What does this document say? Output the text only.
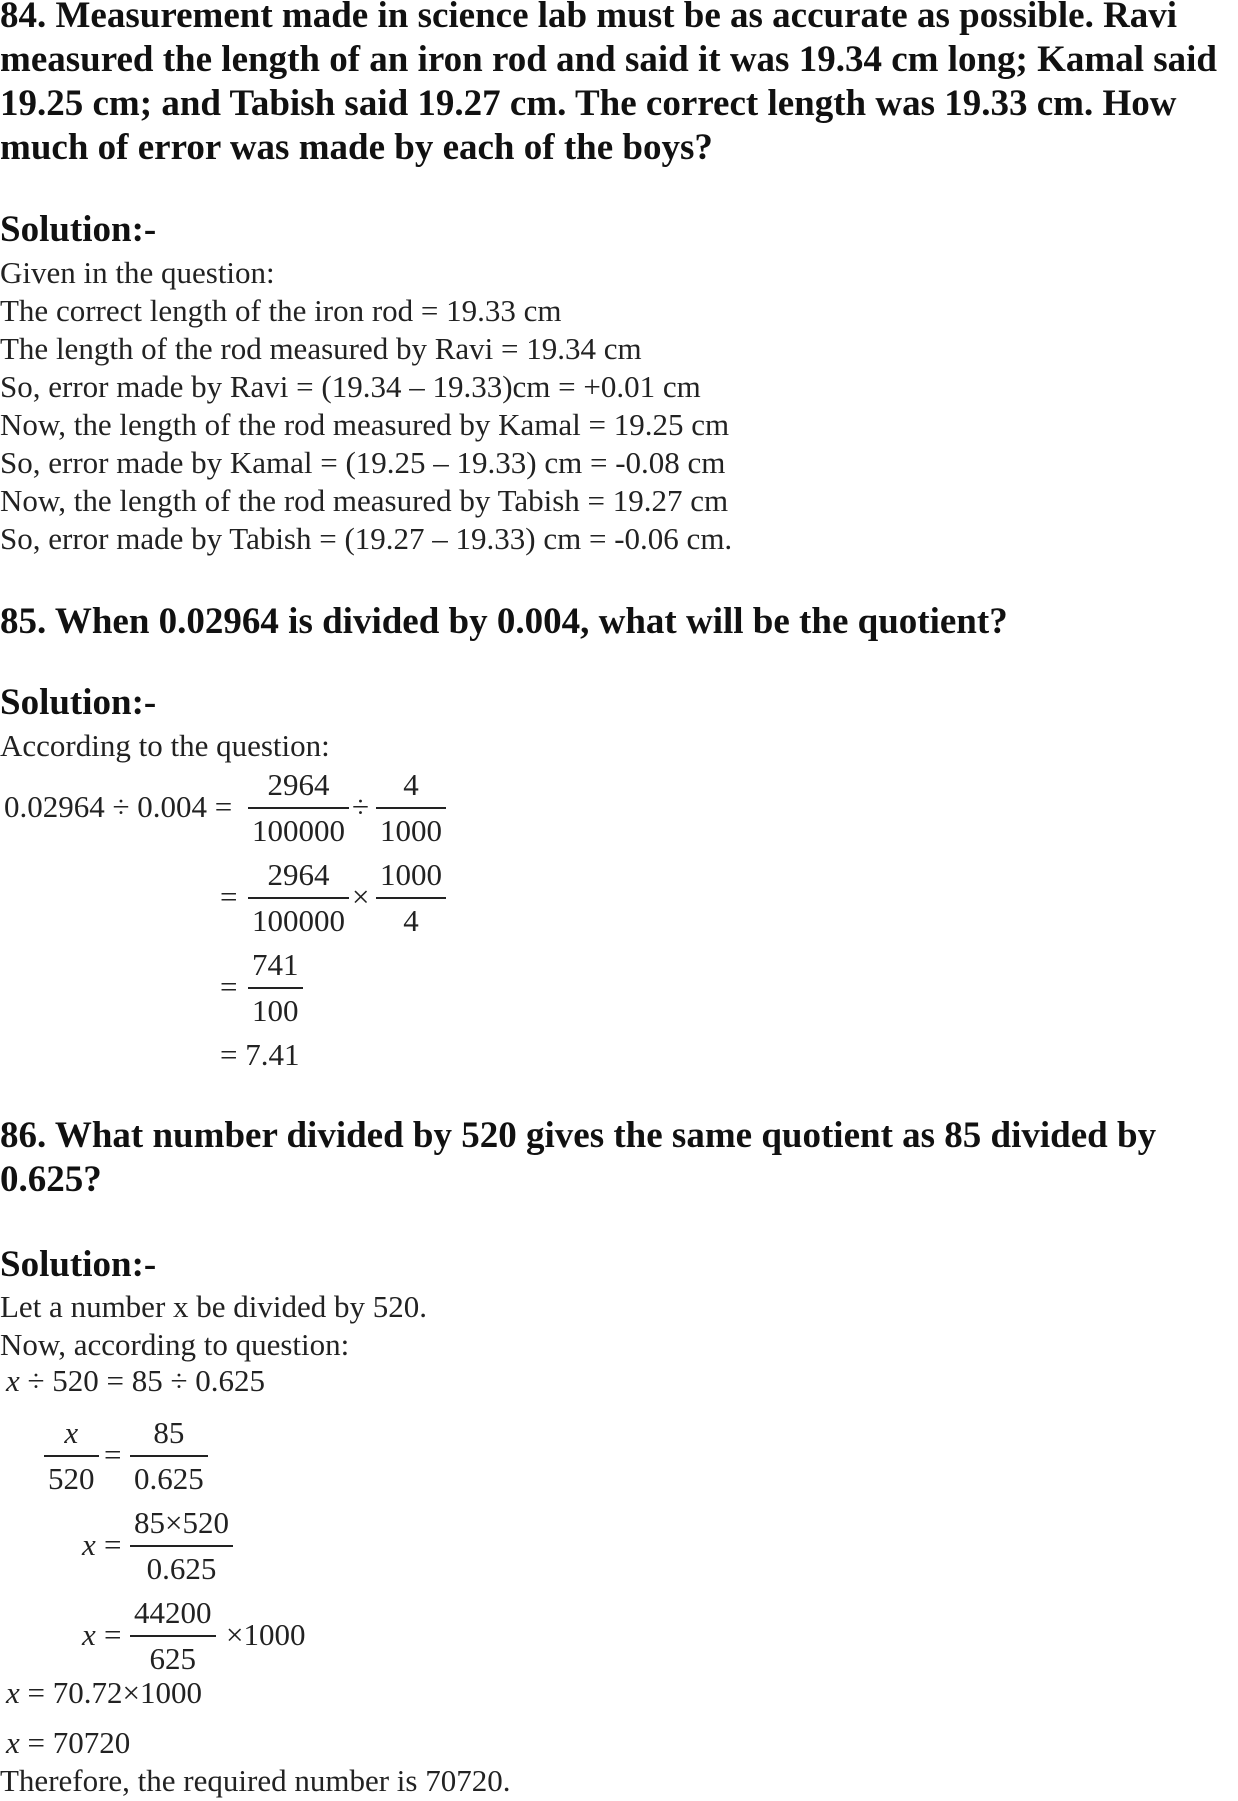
84. Measurement made in science lab must be as accurate as possible. Ravi measured the length of an iron rod and said it was 19.34 cm long; Kamal said 19.25 cm; and Tabish said 19.27 cm. The correct length was 19.33 cm. How much of error was made by each of the boys?

Solution:-

Given in the question:

The correct length of the iron rod = 19.33 cm

The length of the rod measured by Ravi = 19.34 cm

So, error made by Ravi = (19.34 – 19.33)cm = +0.01 cm

Now, the length of the rod measured by Kamal = 19.25 cm

So, error made by Kamal = (19.25 – 19.33) cm = -0.08 cm

Now, the length of the rod measured by Tabish = 19.27 cm

So, error made by Tabish = (19.27 – 19.33) cm = -0.06 cm.

85. When 0.02964 is divided by 0.004, what will be the quotient?

Solution:-

According to the question:

0.02964 ÷ 0.004 =
2964
100000
÷
4
1000
=
2964
100000
×
1000
4
=
741
100
= 7.41

86. What number divided by 520 gives the same quotient as 85 divided by 0.625?

Solution:-

Let a number x be divided by 520.

Now, according to question:

x ÷ 520 = 85 ÷ 0.625

x
520
=
85
0.625
x =
85×520
0.625
x =
44200
625
×1000

x = 70.72×1000

x = 70720

Therefore, the required number is 70720.
